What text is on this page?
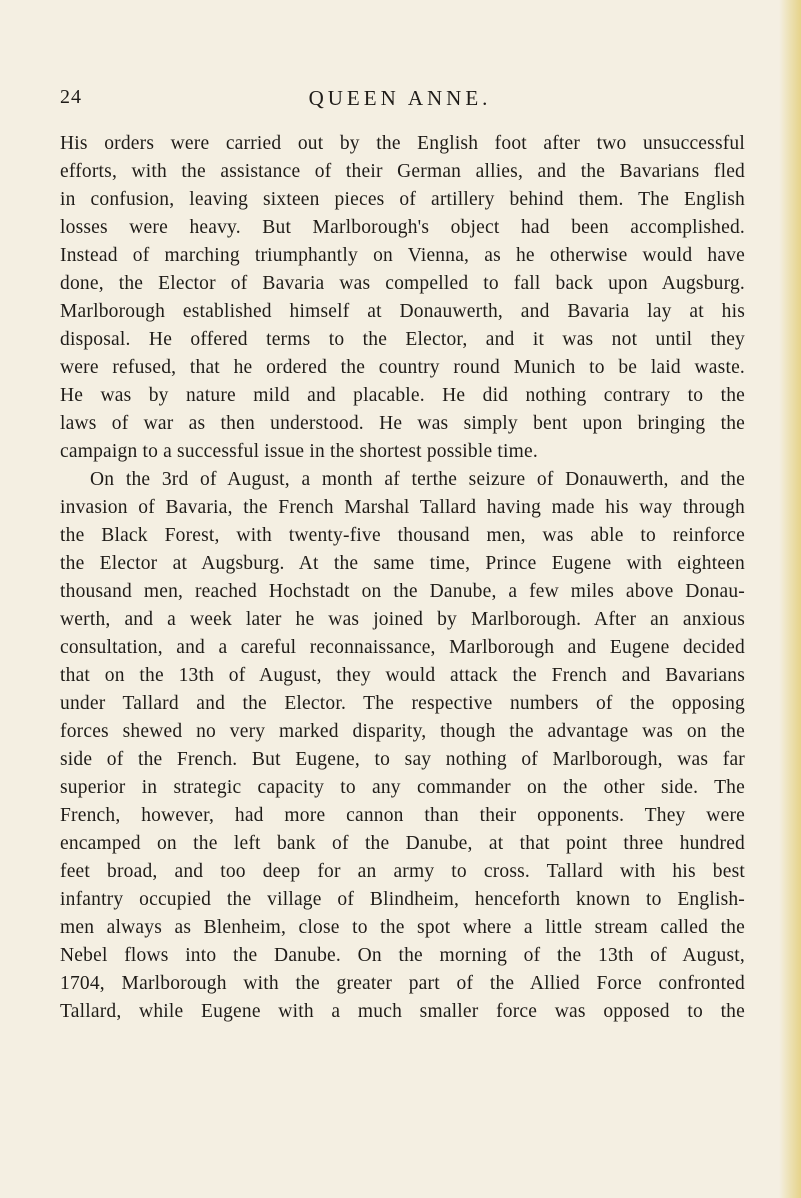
QUEEN ANNE.
24
His orders were carried out by the English foot after two unsuccessful
efforts, with the assistance of their German allies, and the Bavarians fled
in confusion, leaving sixteen pieces of artillery behind them. The English
losses were heavy. But Marlborough's object had been accomplished.
Instead of marching triumphantly on Vienna, as he otherwise would have
done, the Elector of Bavaria was compelled to fall back upon Augsburg.
Marlborough established himself at Donauwerth, and Bavaria lay at his
disposal. He offered terms to the Elector, and it was not until they
were refused, that he ordered the country round Munich to be laid waste.
He was by nature mild and placable. He did nothing contrary to the
laws of war as then understood. He was simply bent upon bringing the
campaign to a successful issue in the shortest possible time.
On the 3rd of August, a month af terthe seizure of Donauwerth, and the
invasion of Bavaria, the French Marshal Tallard having made his way through
the Black Forest, with twenty-five thousand men, was able to reinforce
the Elector at Augsburg. At the same time, Prince Eugene with eighteen
thousand men, reached Hochstadt on the Danube, a few miles above Donau-
werth, and a week later he was joined by Marlborough. After an anxious
consultation, and a careful reconnaissance, Marlborough and Eugene decided
that on the 13th of August, they would attack the French and Bavarians
under Tallard and the Elector. The respective numbers of the opposing
forces shewed no very marked disparity, though the advantage was on the
side of the French. But Eugene, to say nothing of Marlborough, was far
superior in strategic capacity to any commander on the other side. The
French, however, had more cannon than their opponents. They were
encamped on the left bank of the Danube, at that point three hundred
feet broad, and too deep for an army to cross. Tallard with his best
infantry occupied the village of Blindheim, henceforth known to English-
men always as Blenheim, close to the spot where a little stream called the
Nebel flows into the Danube. On the morning of the 13th of August,
1704, Marlborough with the greater part of the Allied Force confronted
Tallard, while Eugene with a much smaller force was opposed to the
